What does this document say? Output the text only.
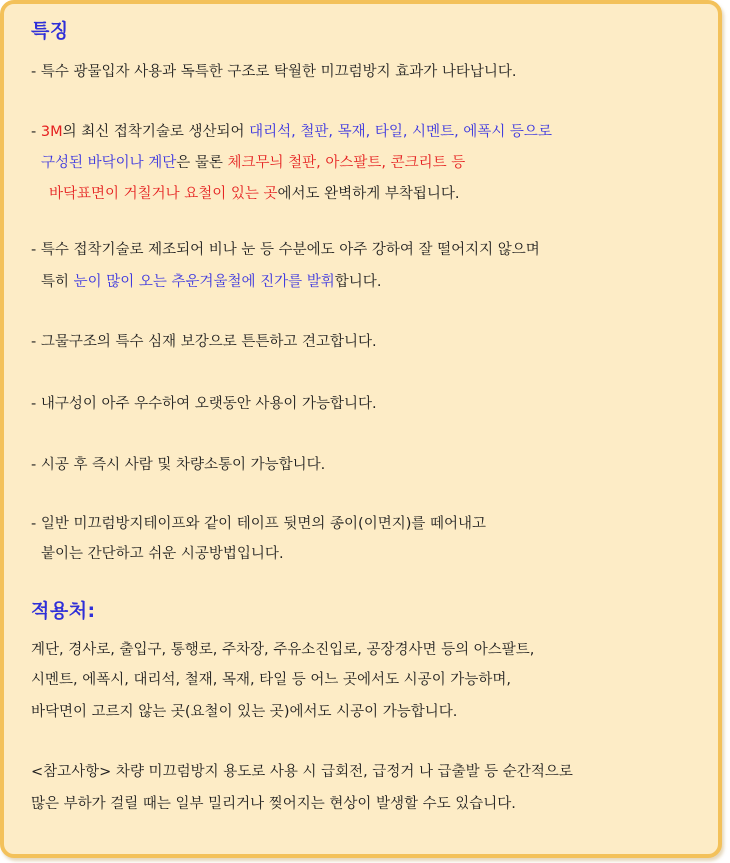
특징

- 특수 광물입자 사용과 독특한 구조로 탁월한 미끄럼방지 효과가 나타납니다.

- 3M의 최신 접착기술로 생산되어 대리석, 철판, 목재, 타일, 시멘트, 에폭시 등으로

구성된 바닥이나 계단은 물론 체크무늬 철판, 아스팔트, 콘크리트 등

바닥표면이 거칠거나 요철이 있는 곳에서도 완벽하게 부착됩니다.

- 특수 접착기술로 제조되어 비나 눈 등 수분에도 아주 강하여 잘 떨어지지 않으며

특히 눈이 많이 오는 추운겨울철에 진가를 발휘합니다.

- 그물구조의 특수 심재 보강으로 튼튼하고 견고합니다.

- 내구성이 아주 우수하여 오랫동안 사용이 가능합니다.

- 시공 후 즉시 사람 및 차량소통이 가능합니다.

- 일반 미끄럼방지테이프와 같이 테이프 뒷면의 종이(이면지)를 떼어내고

붙이는 간단하고 쉬운 시공방법입니다.

적용처:

계단, 경사로, 출입구, 통행로, 주차장, 주유소진입로, 공장경사면 등의 아스팔트,

시멘트, 에폭시, 대리석, 철재, 목재, 타일 등 어느 곳에서도 시공이 가능하며,

바닥면이 고르지 않는 곳(요철이 있는 곳)에서도 시공이 가능합니다.

<참고사항> 차량 미끄럼방지 용도로 사용 시 급회전, 급정거 나 급출발 등 순간적으로

많은 부하가 걸릴 때는 일부 밀리거나 찢어지는 현상이 발생할 수도 있습니다.
